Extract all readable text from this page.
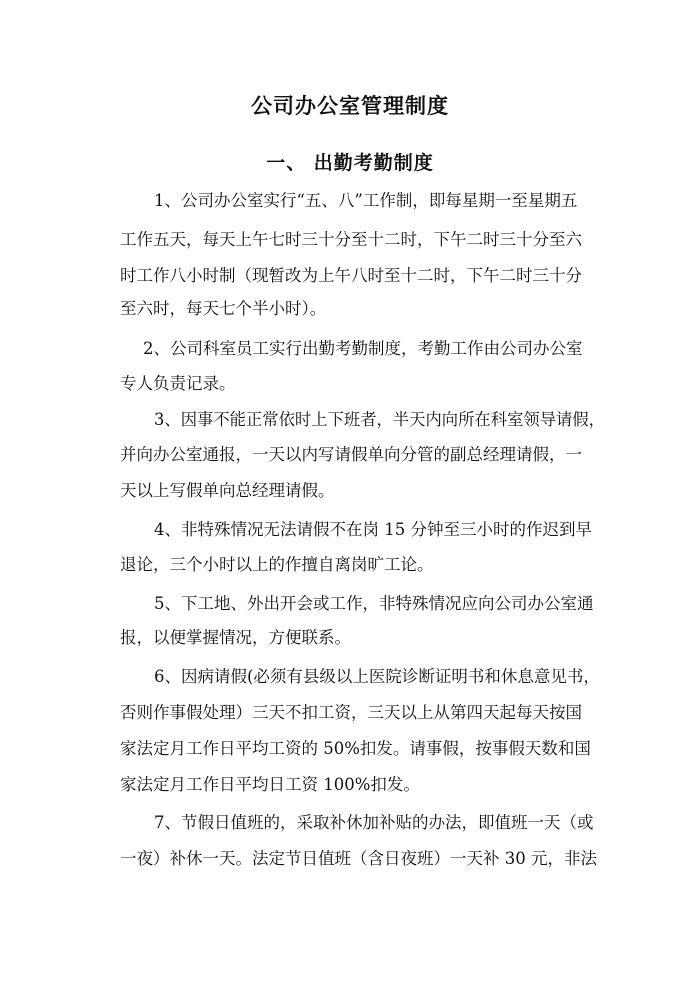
公司办公室管理制度
一、 出勤考勤制度
1、公司办公室实行“五、八”工作制，即每星期一至星期五
工作五天，每天上午七时三十分至十二时，下午二时三十分至六
时工作八小时制（现暂改为上午八时至十二时，下午二时三十分
至六时，每天七个半小时）。
2、公司科室员工实行出勤考勤制度，考勤工作由公司办公室
专人负责记录。
3、因事不能正常依时上下班者，半天内向所在科室领导请假，
并向办公室通报，一天以内写请假单向分管的副总经理请假，一
天以上写假单向总经理请假。
4、非特殊情况无法请假不在岗 15 分钟至三小时的作迟到早
退论，三个小时以上的作擅自离岗旷工论。
5、下工地、外出开会或工作，非特殊情况应向公司办公室通
报，以便掌握情况，方便联系。
6、因病请假(必须有县级以上医院诊断证明书和休息意见书，
否则作事假处理）三天不扣工资，三天以上从第四天起每天按国
家法定月工作日平均工资的 50%扣发。请事假，按事假天数和国
家法定月工作日平均日工资 100%扣发。
7、节假日值班的，采取补休加补贴的办法，即值班一天（或
一夜）补休一天。法定节日值班（含日夜班）一天补 30 元，非法
